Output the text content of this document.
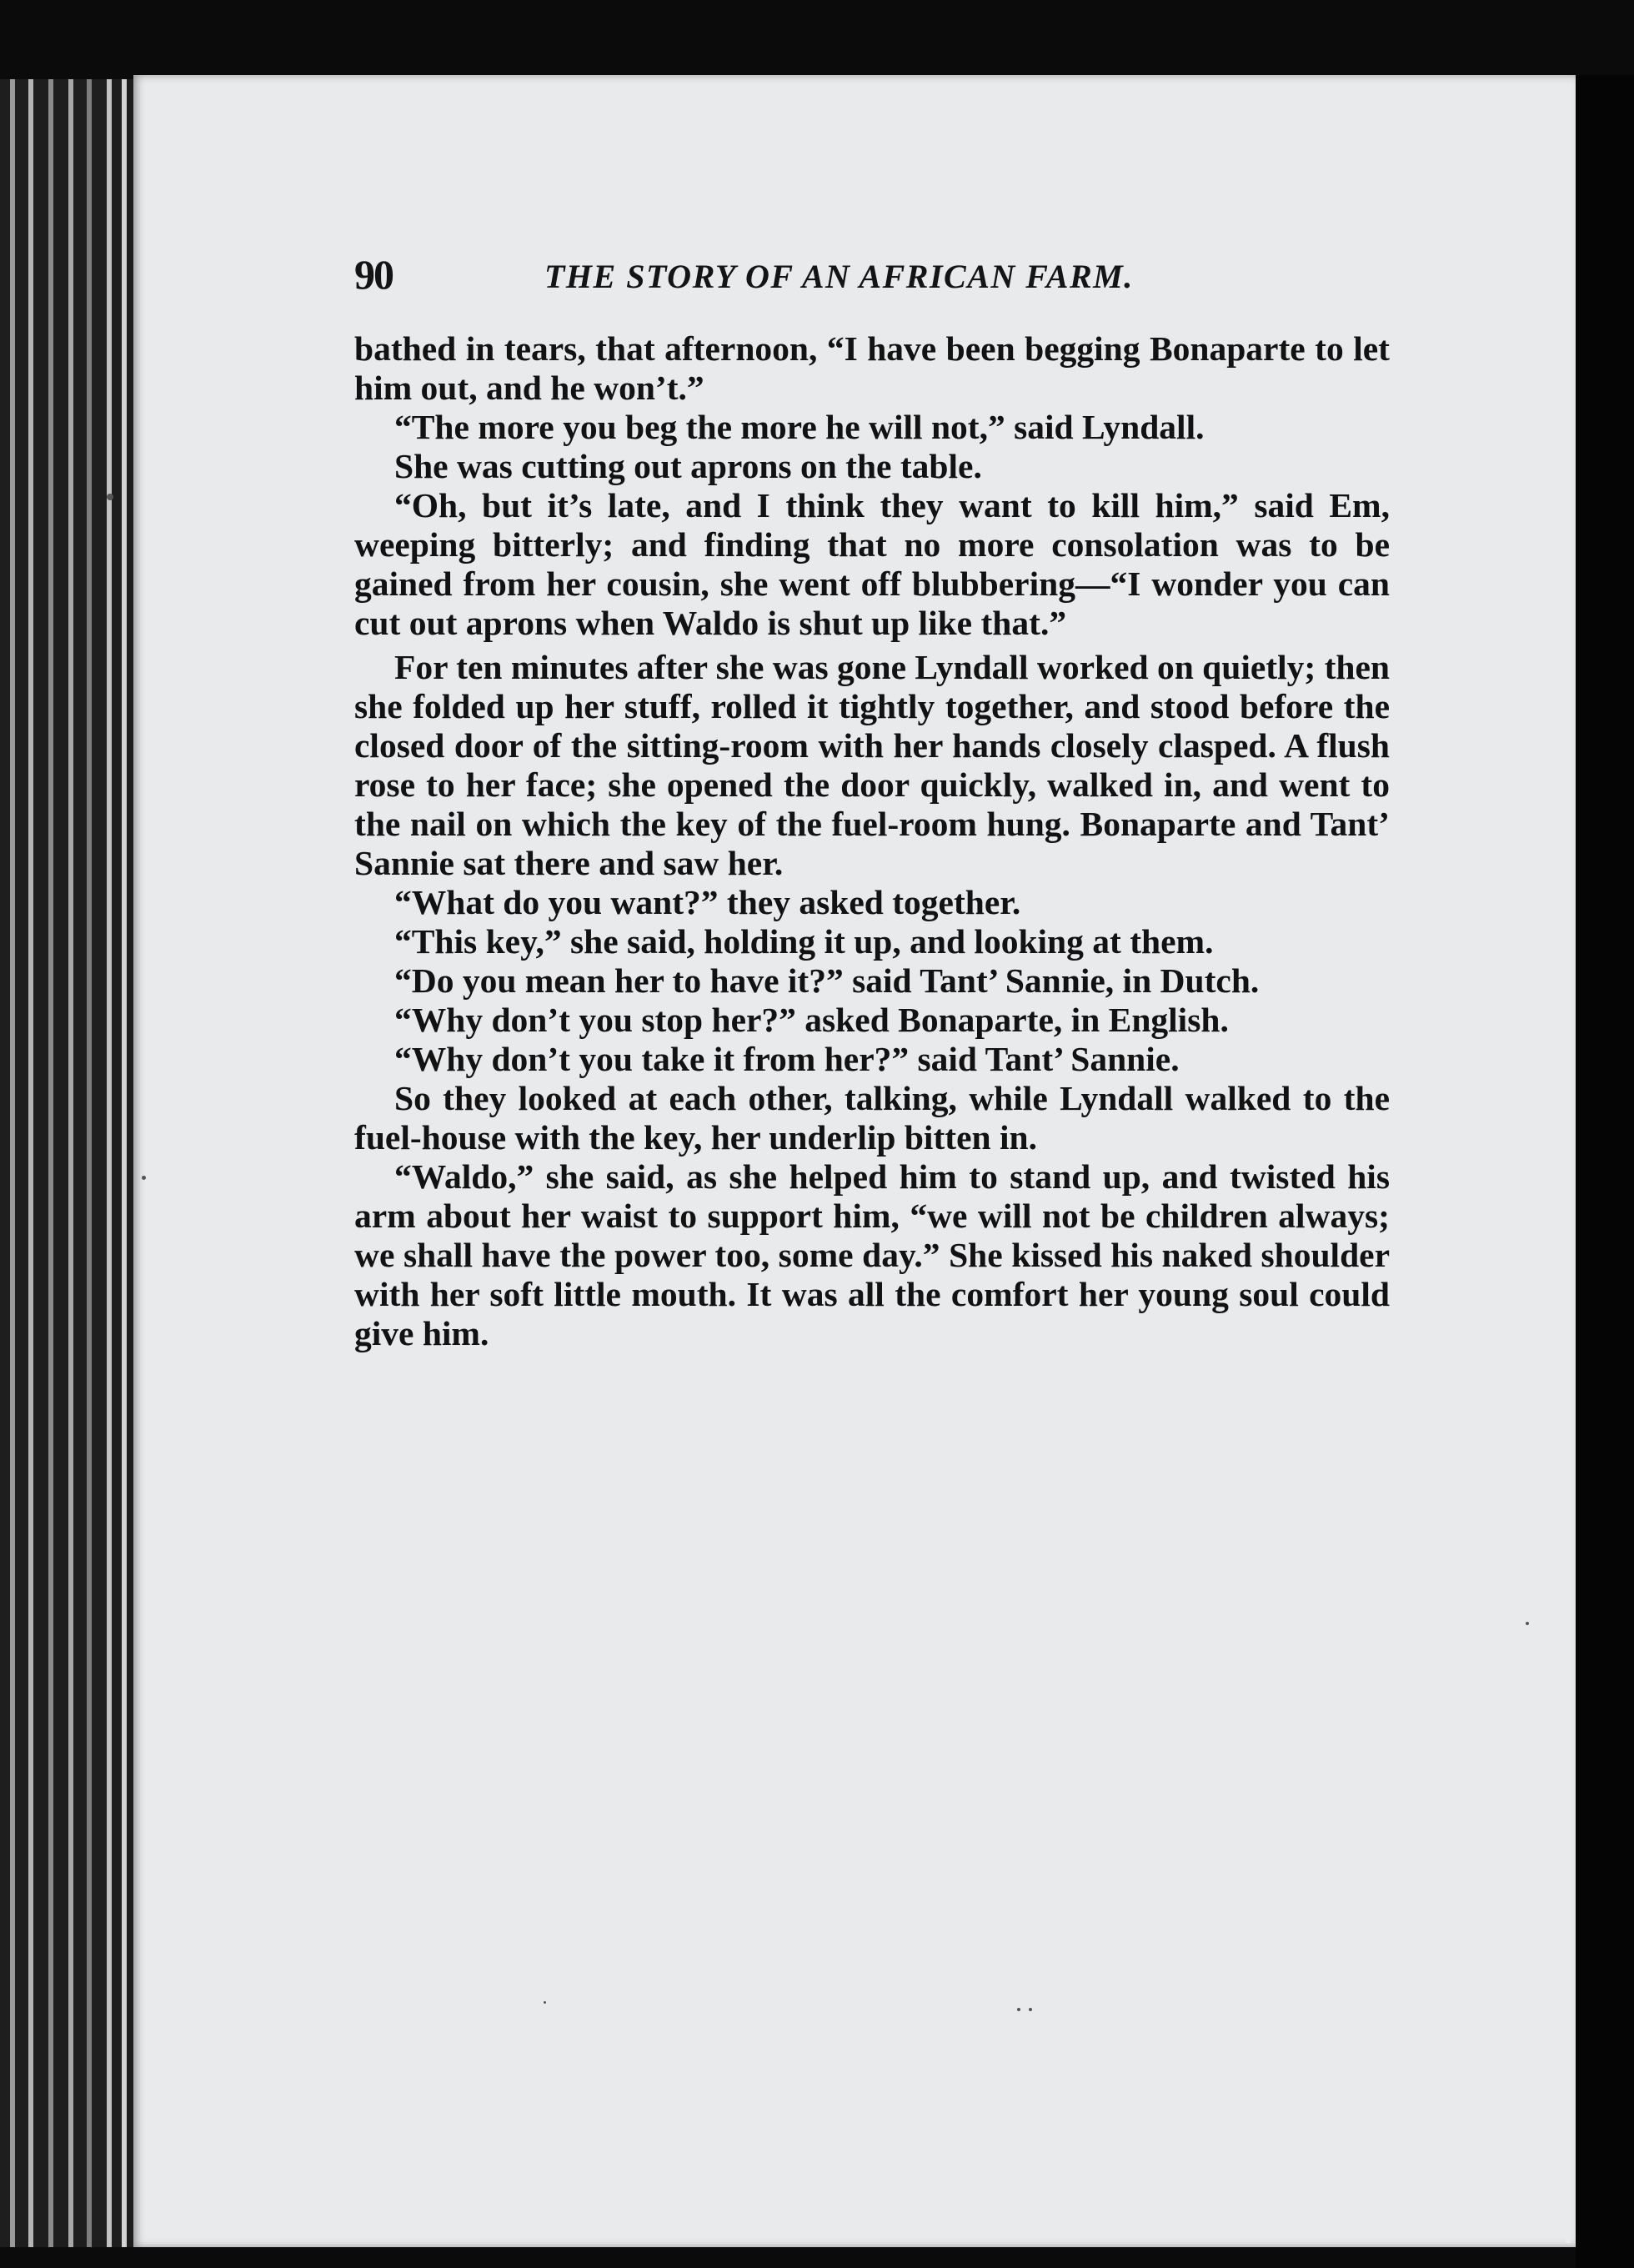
90	THE STORY OF AN AFRICAN FARM.

bathed in tears, that afternoon, “I have been begging Bonaparte to let him out, and he won’t.”

“The more you beg the more he will not,” said Lyndall.

She was cutting out aprons on the table.

“Oh, but it’s late, and I think they want to kill him,” said Em, weeping bitterly; and finding that no more consolation was to be gained from her cousin, she went off blubbering—“I wonder you can cut out aprons when Waldo is shut up like that.”

For ten minutes after she was gone Lyndall worked on quietly; then she folded up her stuff, rolled it tightly together, and stood before the closed door of the sitting-room with her hands closely clasped. A flush rose to her face; she opened the door quickly, walked in, and went to the nail on which the key of the fuel-room hung. Bonaparte and Tant’ Sannie sat there and saw her.

“What do you want?” they asked together.

“This key,” she said, holding it up, and looking at them.

“Do you mean her to have it?” said Tant’ Sannie, in Dutch.

“Why don’t you stop her?” asked Bonaparte, in English.

“Why don’t you take it from her?” said Tant’ Sannie.

So they looked at each other, talking, while Lyndall walked to the fuel-house with the key, her underlip bitten in.

“Waldo,” she said, as she helped him to stand up, and twisted his arm about her waist to support him, “we will not be children always; we shall have the power too, some day.” She kissed his naked shoulder with her soft little mouth. It was all the comfort her young soul could give him.
